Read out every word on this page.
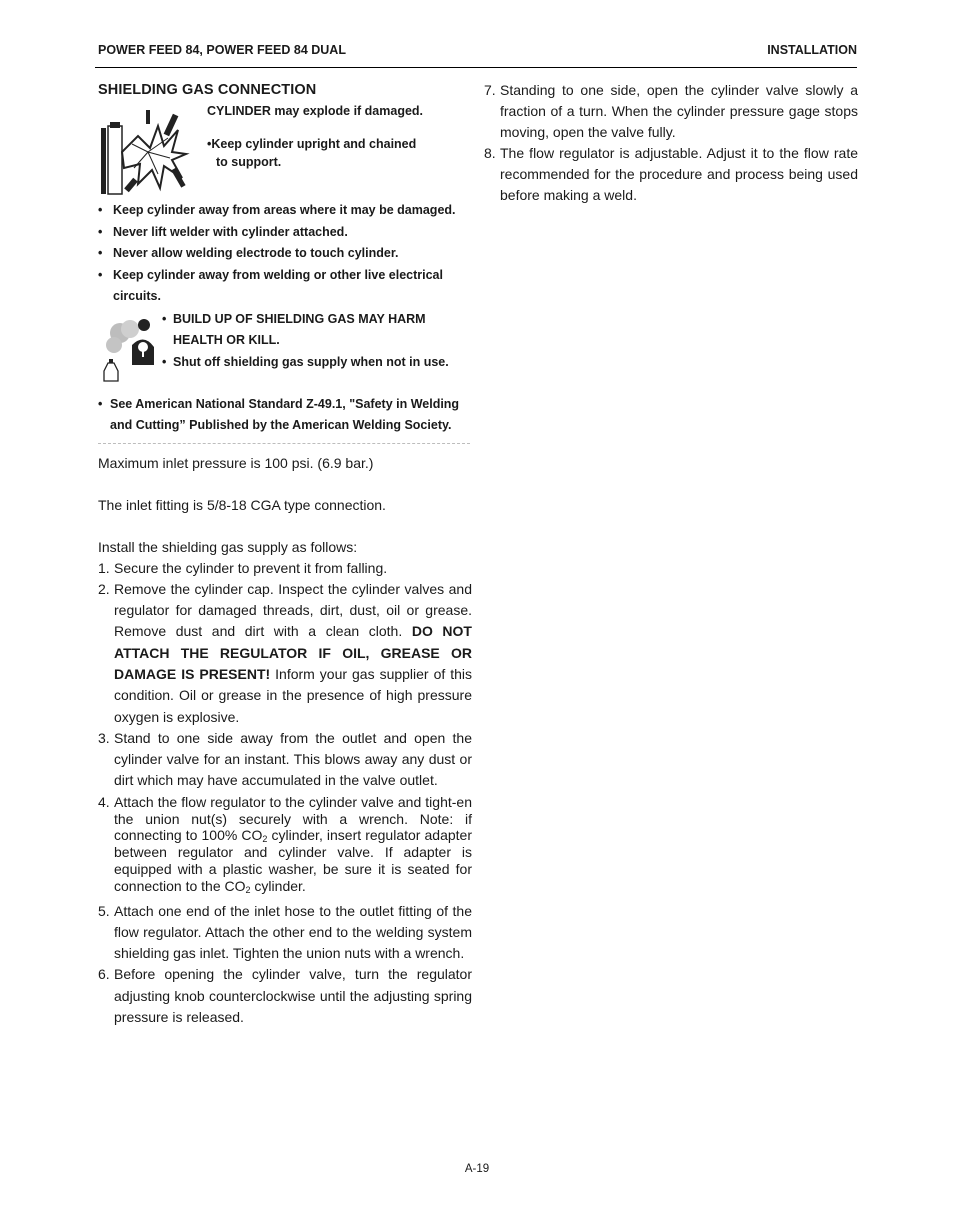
POWER FEED 84, POWER FEED 84 DUAL	INSTALLATION
SHIELDING GAS CONNECTION
CYLINDER may explode if damaged.
•Keep cylinder upright and chained
to support.
• Keep cylinder away from areas where it may be damaged.
• Never lift welder with cylinder attached.
• Never allow welding electrode to touch cylinder.
• Keep cylinder away from welding or other live electrical circuits.
• BUILD UP OF SHIELDING GAS MAY HARM HEALTH OR KILL.
• Shut off shielding gas supply when not in use.
• See American National Standard Z-49.1, "Safety in Welding and Cutting” Published by the American Welding Society.

Maximum inlet pressure is 100 psi. (6.9 bar.)

The inlet fitting is 5/8-18 CGA type connection.

Install the shielding gas supply as follows:

1. Secure the cylinder to prevent it from falling.
2. Remove the cylinder cap. Inspect the cylinder valves and regulator for damaged threads, dirt, dust, oil or grease. Remove dust and dirt with a clean cloth. DO NOT ATTACH THE REGULATOR IF OIL, GREASE OR DAMAGE IS PRESENT! Inform your gas supplier of this condition. Oil or grease in the presence of high pressure oxygen is explosive.
3. Stand to one side away from the outlet and open the cylinder valve for an instant. This blows away any dust or dirt which may have accumulated in the valve outlet.
4. Attach the flow regulator to the cylinder valve and tight-en the union nut(s) securely with a wrench. Note: if connecting to 100% $CO_2$ cylinder, insert regulator adapter between regulator and cylinder valve. If adapter is equipped with a plastic washer, be sure it is seated for connection to the $CO_2$ cylinder.
5. Attach one end of the inlet hose to the outlet fitting of the flow regulator. Attach the other end to the welding system shielding gas inlet. Tighten the union nuts with a wrench.
6. Before opening the cylinder valve, turn the regulator adjusting knob counterclockwise until the adjusting spring pressure is released.
7. Standing to one side, open the cylinder valve slowly a fraction of a turn. When the cylinder pressure gage stops moving, open the valve fully.
8. The flow regulator is adjustable. Adjust it to the flow rate recommended for the procedure and process being used before making a weld.
A-19
